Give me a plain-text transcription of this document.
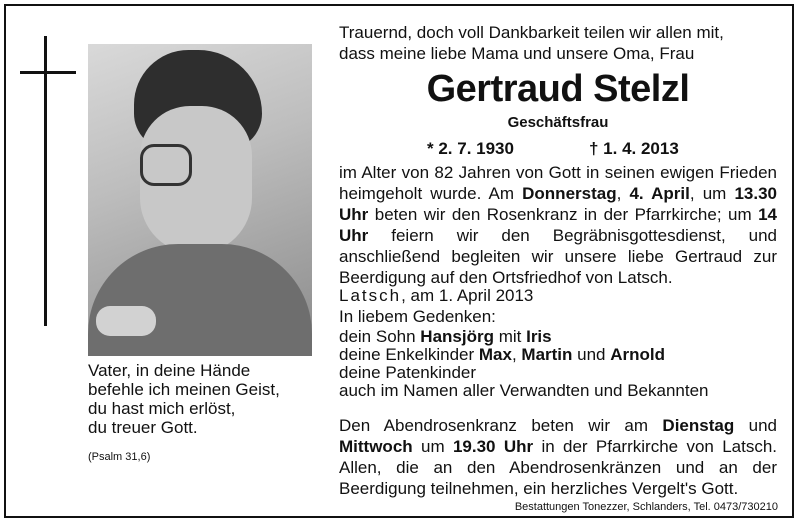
Vater, in deine Hände
befehle ich meinen Geist,
du hast mich erlöst,
du treuer Gott.
(Psalm 31,6)
Trauernd, doch voll Dankbarkeit teilen wir allen mit,
dass meine liebe Mama und unsere Oma, Frau
Gertraud Stelzl
Geschäftsfrau
* 2. 7. 1930	† 1. 4. 2013
im Alter von 82 Jahren von Gott in seinen ewigen Frieden heimgeholt wurde. Am Donnerstag, 4. April, um 13.30 Uhr beten wir den Rosenkranz in der Pfarrkirche; um 14 Uhr feiern wir den Begräbnisgottesdienst, und anschließend begleiten wir unsere liebe Gertraud zur Beerdigung auf den Ortsfriedhof von Latsch.
Latsch, am 1. April 2013
In liebem Gedenken:
dein Sohn Hansjörg mit Iris
deine Enkelkinder Max, Martin und Arnold
deine Patenkinder
auch im Namen aller Verwandten und Bekannten
Den Abendrosenkranz beten wir am Dienstag und Mittwoch um 19.30 Uhr in der Pfarrkirche von Latsch. Allen, die an den Abendrosenkränzen und an der Beerdigung teilnehmen, ein herzliches Vergelt's Gott.
Bestattungen Tonezzer, Schlanders, Tel. 0473/730210
